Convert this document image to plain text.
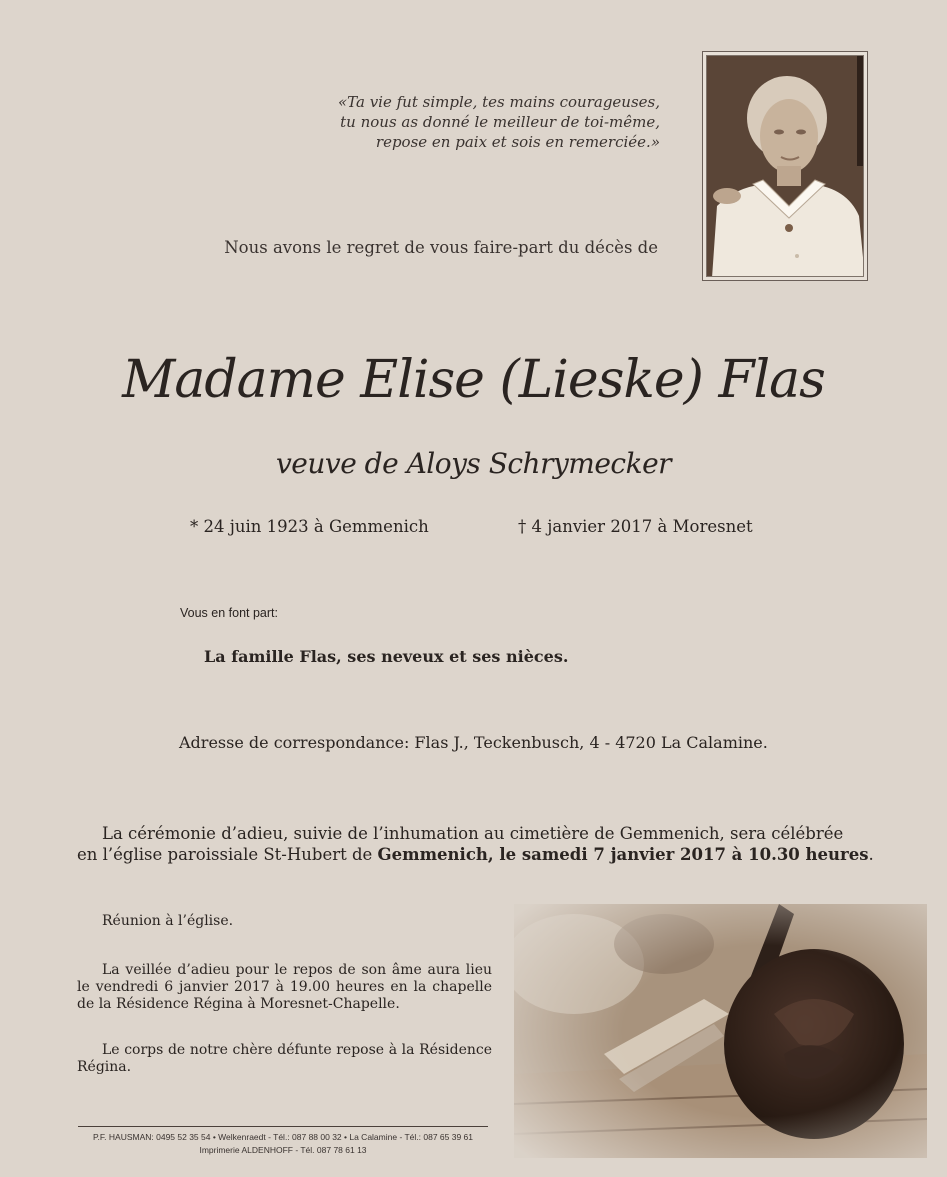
«Ta vie fut simple, tes mains courageuses,
tu nous as donné le meilleur de toi-même,
repose en paix et sois en remerciée.»
Nous avons le regret de vous faire-part du décès de
Madame Elise (Lieske) Flas
veuve de Aloys Schrymecker
* 24 juin 1923 à Gemmenich	† 4 janvier 2017 à Moresnet
Vous en font part:
La famille Flas, ses neveux et ses nièces.
Adresse de correspondance: Flas J., Teckenbusch, 4 - 4720 La Calamine.
La cérémonie d’adieu, suivie de l’inhumation au cimetière de Gemmenich, sera célébrée
en l’église paroissiale St-Hubert de Gemmenich, le samedi 7 janvier 2017 à 10.30 heures.
Réunion à l’église.
La veillée d’adieu pour le repos de son âme aura lieu le vendredi 6 janvier 2017 à 19.00 heures en la chapelle de la Résidence Régina à Moresnet-Chapelle.
Le corps de notre chère défunte repose à la Résidence Régina.
P.F. HAUSMAN: 0495 52 35 54 • Welkenraedt - Tél.: 087 88 00 32 • La Calamine - Tél.: 087 65 39 61
Imprimerie ALDENHOFF - Tél. 087 78 61 13
